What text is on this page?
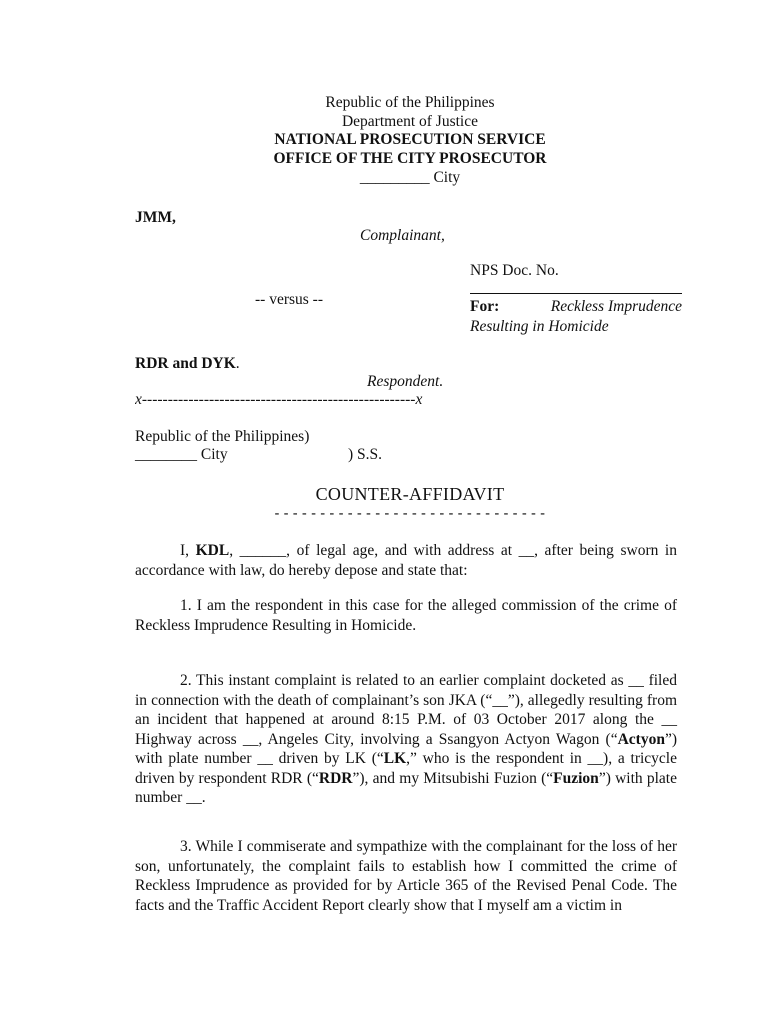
Republic of the Philippines
Department of Justice
NATIONAL PROSECUTION SERVICE
OFFICE OF THE CITY PROSECUTOR
_________ City
JMM,
Complainant,
NPS Doc. No.
-- versus --	For:	Reckless Imprudence
Resulting in Homicide
RDR and DYK.
Respondent.
x-----------------------------------------------------x
Republic of the Philippines)
________ City	) S.S.
COUNTER-AFFIDAVIT
- - - - - - - - - - - - - - - - - - - - - - - - - - - - - -

I, KDL, ______, of legal age, and with address at __, after being sworn in accordance with law, do hereby depose and state that:

1. I am the respondent in this case for the alleged commission of the crime of Reckless Imprudence Resulting in Homicide.

2. This instant complaint is related to an earlier complaint docketed as __ filed in connection with the death of complainant’s son JKA (“__”), allegedly resulting from an incident that happened at around 8:15 P.M. of 03 October 2017 along the __ Highway across __, Angeles City, involving a Ssangyon Actyon Wagon (“Actyon”) with plate number __ driven by LK (“LK,” who is the respondent in __), a tricycle driven by respondent RDR (“RDR”), and my Mitsubishi Fuzion (“Fuzion”) with plate number __.

3. While I commiserate and sympathize with the complainant for the loss of her son, unfortunately, the complaint fails to establish how I committed the crime of Reckless Imprudence as provided for by Article 365 of the Revised Penal Code. The facts and the Traffic Accident Report clearly show that I myself am a victim in
